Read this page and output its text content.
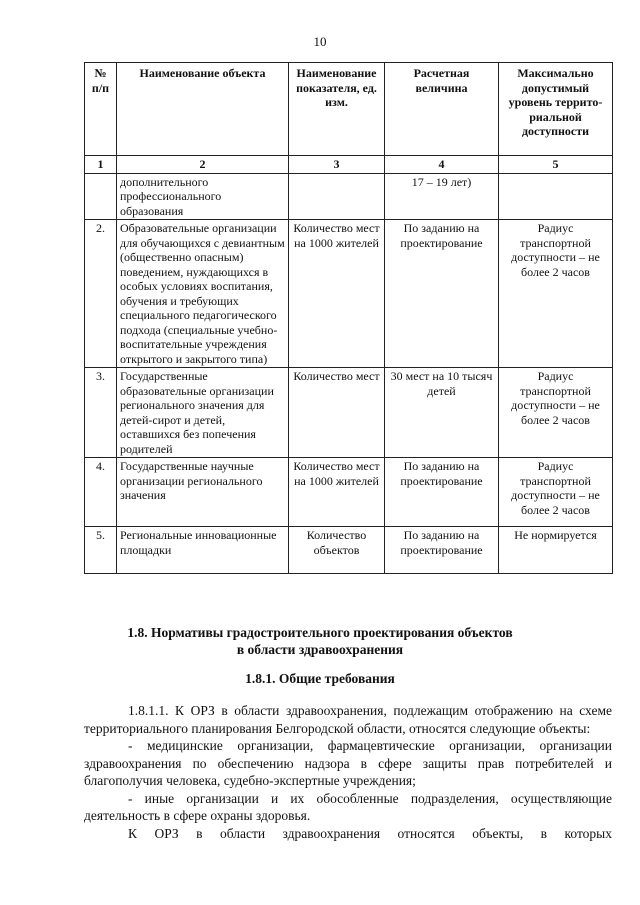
10
№ п/п	Наименование объекта	Наименование показателя, ед. изм.	Расчетная величина	Максимально допустимый уровень террито-риальной доступности
1	2	3	4	5
	дополнительного профессионального образования		17 – 19 лет)	
2.	Образовательные организации для обучающихся с девиантным (общественно опасным) поведением, нуждающихся в особых условиях воспитания, обучения и требующих специального педагогического подхода (специальные учебно-воспитательные учреждения открытого и закрытого типа)	Количество мест на 1000 жителей	По заданию на проектирование	Радиус транспортной доступности – не более 2 часов
3.	Государственные образовательные организации регионального значения для детей-сирот и детей, оставшихся без попечения родителей	Количество мест	30 мест на 10 тысяч детей	Радиус транспортной доступности – не более 2 часов
4.	Государственные научные организации регионального значения	Количество мест на 1000 жителей	По заданию на проектирование	Радиус транспортной доступности – не более 2 часов
5.	Региональные инновационные площадки	Количество объектов	По заданию на проектирование	Не нормируется
1.8. Нормативы градостроительного проектирования объектов
в области здравоохранения
1.8.1. Общие требования

1.8.1.1. К ОРЗ в области здравоохранения, подлежащим отображению на схеме территориального планирования Белгородской области, относятся следующие объекты:

- медицинские организации, фармацевтические организации, организации здравоохранения по обеспечению надзора в сфере защиты прав потребителей и благополучия человека, судебно-экспертные учреждения;

- иные организации и их обособленные подразделения, осуществляющие деятельность в сфере охраны здоровья.

К ОРЗ в области здравоохранения относятся объекты, в которых
